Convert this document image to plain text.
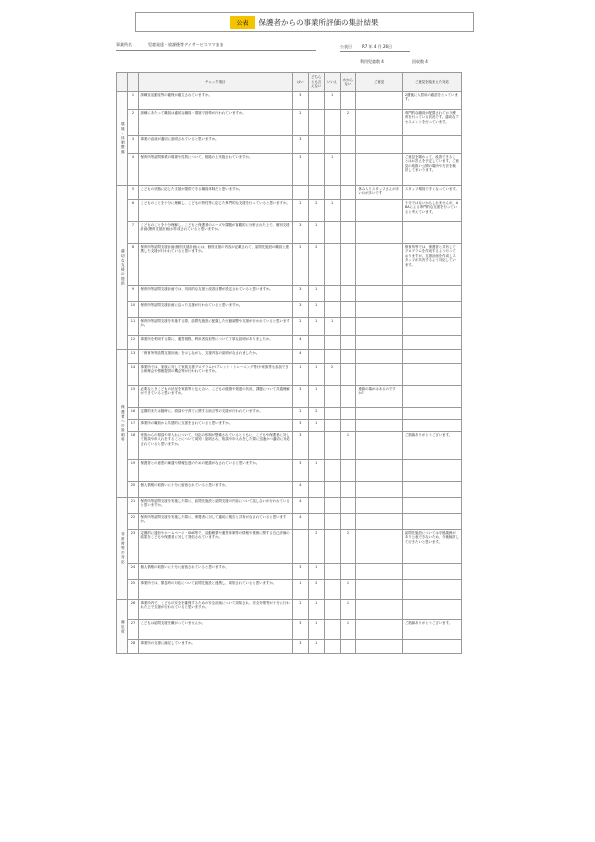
公表	保護者からの事業所評価の集計結果
事業所名	児童発達・放課後等デイサービスママまま	公表日	R7 年 4 月 26日
利用児童数 4	回収数 4
		チェック項目	はい	どちらとも言えない	いいえ	わからない	ご意見	ご意見を踏まえた対応
環境・体制整備	1	訓練室活動室等の確保が確立されていますか。	3		1			2週後に入替用の確認をとっています。
	2	訓練にあたって職員は適切な職員・環境で指導が行われていますか。	2			2		専門的な職員が配置されており療育を行っている状況です。適切なアセスメントを行っています。
	3	事業の直前が適切に説明されていると思いますか。	3					
	4	保育所等訪問事業の環境や性質について、根拠の上実施されていますか。	3		1			ご意見を賜わって、改善できることはお答えを予定しています。ご意見の取扱い公開の場所や方法を検討してまいります。
適切な支援の提供	5	こどもの状態に応じた支援が提供できる職員体制だと思いますか。					休み入りスタッフさんが多いのが多いです	スタッフ増員で手くなっています。
	6	こどものことを十分に理解し、こどもの特性等に応じた専門的な支援を行っていると思いますか。	2	2	1			十分ではないかもしれませんが、ABAによる専門的な支援を行っていると考えています。
	7	こどものことを十分理解し、こどもと保護者のニーズや課題が客観的に分析された上で、個別支援計画(療育支援計画)が作成されていると思いますか。	3	1				
	8	保育所等訪問支援計画(個別支援計画)には、個別支援の内容が記載されて、訪問先施設の職員と連携した支援が行われていると思いますか。	2	2				保育所等では、保護者と共有してプログラムを作成するよう行っておりますが、支援計画を作成しスタッフが共有するよう対応しています。
	9	保育所等訪問支援計画では、具体的な支援と改善目標が設定されていると思いますか。	3	1				
	10	保育所等訪問支援計画に沿った支援が行われていると思いますか。	3	1				
	11	保育所等訪問支援を実施する際、訪問先施設に配慮した行動調整や支援が行われていると思いますか。	2	1	1			
	12	事業所を利用する際に、運営規程、利用者負担等について丁寧な説明がありましたか。	4					
保護者への説明等	13	「保育所等訪問支援計画」を示しながら、支援内容の説明がなされましたか。	4					
	14	事業所では、家族に対して家族支援プログラム(ペアレント・トレーニング等)や家族等も参加できる研修会や情報提供の機会等が行われていますか。	1	1	2			
	15	必要なときこどもの状況を家族等と伝え合い、こどもの健康や発達の状況、課題について共通理解ができていると思いますか。	3	1			連絡の場がはあるのですか?	
	16	定期的または随時に、面談や子育てに関する助言等の支援が行われていますか。	2	2				
	17	事業所の職員から共感的に支援をされていると思いますか。	3	1				
	18	家族からの相談や申入れについて、対応の体制が整備されているとともに、こどもや保護者に対して相談や申入れをすることについて周知・説明され、相談や申入れをした際に迅速かつ適切に対応されていると思いますか。	3			1		ご指摘ありがとうございます。
	19	保護者との意思の疎通や情報伝達のための配慮がなされていると思いますか。	3	1				
	20	個人情報の取扱いに十分に留意されていると思いますか。	4					
非常時等の対応	21	保育所等訪問支援を実施した際に、訪問先施設と訪問支援の内容について話し合いが行われていると思いますか。	4					
	22	保育所等訪問支援を実施した際に、保護者に対して適切に報告と共有がなされていると思いますか。	4					
	23	定期的に通信やホームページ・SNS等で、活動概要や運営体制等の情報や業務に関する自己評価の結果をこどもや保護者に対して発信されていますか。		2		2		訪問先施設については守秘義務があり公表できないため、今後検討して行きたいと思います。
	24	個人情報の取扱いに十分に留意されていると思いますか。	3	1				
	25	事業所では、緊急時の対応について訪問先施設と連携し、周知されていると思いますか。	1	2		1		
満足度	26	事業所内で、こどもの安全を確保するための安全計画について周知され、安全対策等が十分に行われた上で支援が行われていると思いますか。	2	1		1		
	27	こどもは訪問支援を嫌がっていませんか。	3	1		1		ご指摘ありがとうございます。
	28	事業所の支援に満足していますか。	3	1				
